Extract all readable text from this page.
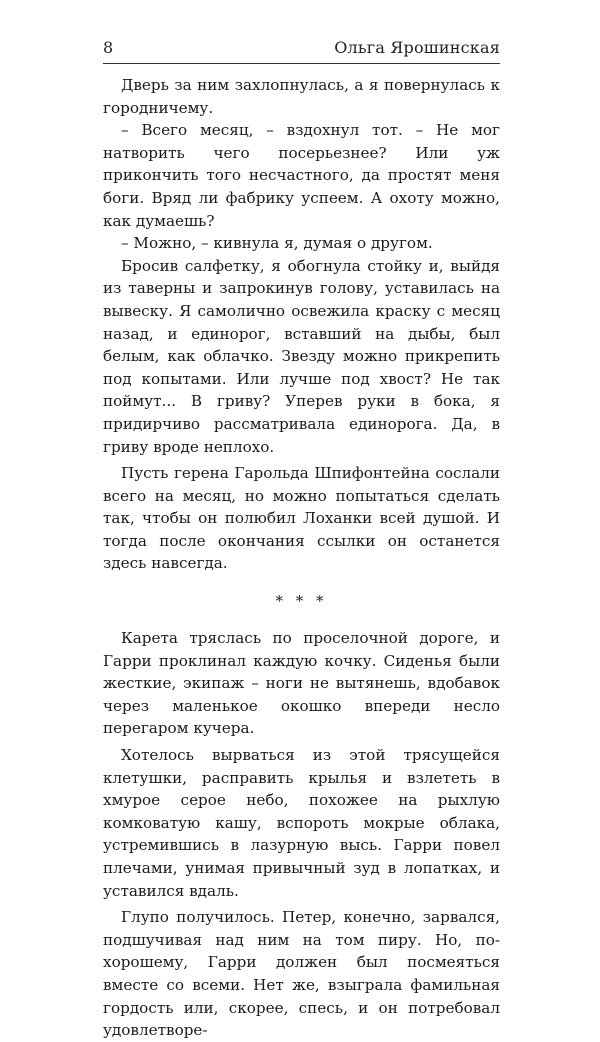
8	Ольга Ярошинская

Дверь за ним захлопнулась, а я повернулась к городничему.

– Всего месяц, – вздохнул тот. – Не мог натворить чего посерьезнее? Или уж прикончить того несчастного, да простят меня боги. Вряд ли фабрику успеем. А охоту можно, как думаешь?

– Можно, – кивнула я, думая о другом.

Бросив салфетку, я обогнула стойку и, выйдя из таверны и запрокинув голову, уставилась на вывеску. Я самолично освежила краску с месяц назад, и единорог, вставший на дыбы, был белым, как облачко. Звезду можно прикрепить под копытами. Или лучше под хвост? Не так поймут... В гриву? Уперев руки в бока, я придирчиво рассматривала единорога. Да, в гриву вроде неплохо.

Пусть герена Гарольда Шпифонтейна сослали всего на месяц, но можно попытаться сделать так, чтобы он полюбил Лоханки всей душой. И тогда после окончания ссылки он останется здесь навсегда.

* * *

Карета тряслась по проселочной дороге, и Гарри проклинал каждую кочку. Сиденья были жесткие, экипаж – ноги не вытянешь, вдобавок через маленькое окошко впереди несло перегаром кучера.

Хотелось вырваться из этой трясущейся клетушки, расправить крылья и взлететь в хмурое серое небо, похожее на рыхлую комковатую кашу, вспороть мокрые облака, устремившись в лазурную высь. Гарри повел плечами, унимая привычный зуд в лопатках, и уставился вдаль.

Глупо получилось. Петер, конечно, зарвался, подшучивая над ним на том пиру. Но, по-хорошему, Гарри должен был посмеяться вместе со всеми. Нет же, взыграла фамильная гордость или, скорее, спесь, и он потребовал удовлетворе-
